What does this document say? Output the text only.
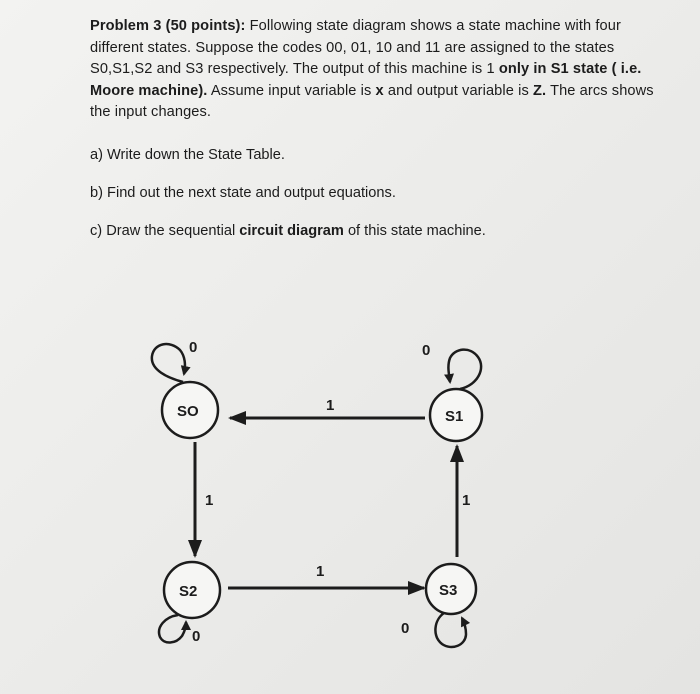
Problem 3 (50 points): Following state diagram shows a state machine with four different states. Suppose the codes 00, 01, 10 and 11 are assigned to the states S0,S1,S2 and S3 respectively. The output of this machine is 1 only in S1 state ( i.e. Moore machine). Assume input variable is x and output variable is Z. The arcs shows the input changes.
a) Write down the State Table.
b) Find out the next state and output equations.
c) Draw the sequential circuit diagram of this state machine.
SO	S1
S2	S3
0	0
0	0
1
1
1
1
